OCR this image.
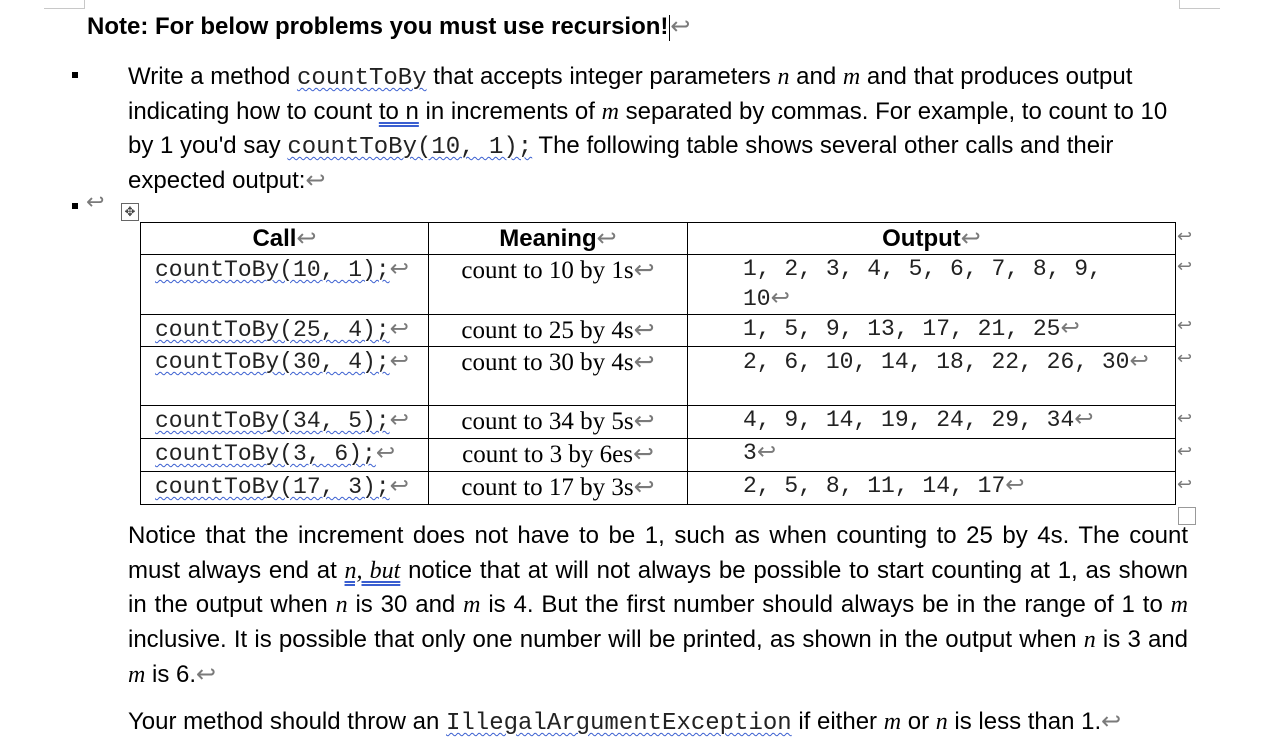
Note: For below problems you must use recursion!↩
Write a method countToBy that accepts integer parameters n and m and that produces output indicating how to count to n in increments of m separated by commas. For example, to count to 10 by 1 you'd say countToBy(10, 1); The following table shows several other calls and their expected output:↩
↩ ✥
Call↩	Meaning↩	Output↩
countToBy(10, 1);↩	count to 10 by 1s↩	1, 2, 3, 4, 5, 6, 7, 8, 9, 10↩
countToBy(25, 4);↩	count to 25 by 4s↩	1, 5, 9, 13, 17, 21, 25↩
countToBy(30, 4);↩	count to 30 by 4s↩	2, 6, 10, 14, 18, 22, 26, 30↩
countToBy(34, 5);↩	count to 34 by 5s↩	4, 9, 14, 19, 24, 29, 34↩
countToBy(3, 6);↩	count to 3 by 6es↩	3↩
countToBy(17, 3);↩	count to 17 by 3s↩	2, 5, 8, 11, 14, 17↩
↩
↩
↩
↩
↩
↩
↩
Notice that the increment does not have to be 1, such as when counting to 25 by 4s. The count must always end at n, but notice that at will not always be possible to start counting at 1, as shown in the output when n is 30 and m is 4. But the first number should always be in the range of 1 to m inclusive. It is possible that only one number will be printed, as shown in the output when n is 3 and m is 6.↩
Your method should throw an IllegalArgumentException if either m or n is less than 1.↩
